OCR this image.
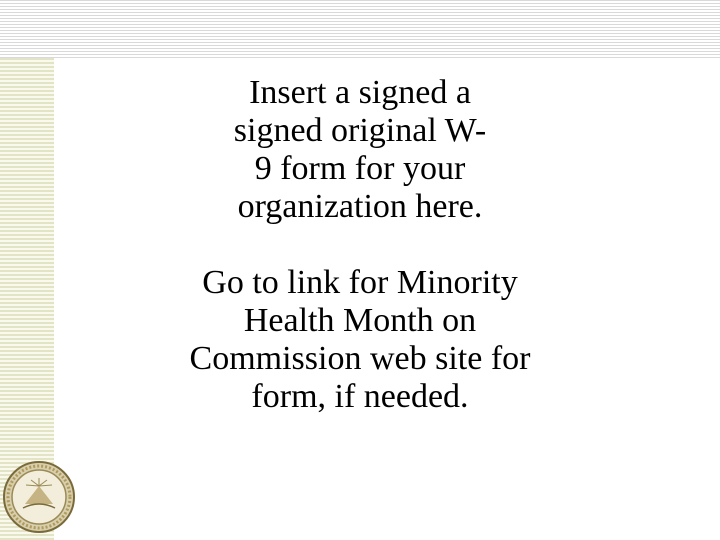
Insert a signed a
signed original W-
9 form for your
organization here.

Go to link for Minority
Health Month on
Commission web site for
form, if needed.
